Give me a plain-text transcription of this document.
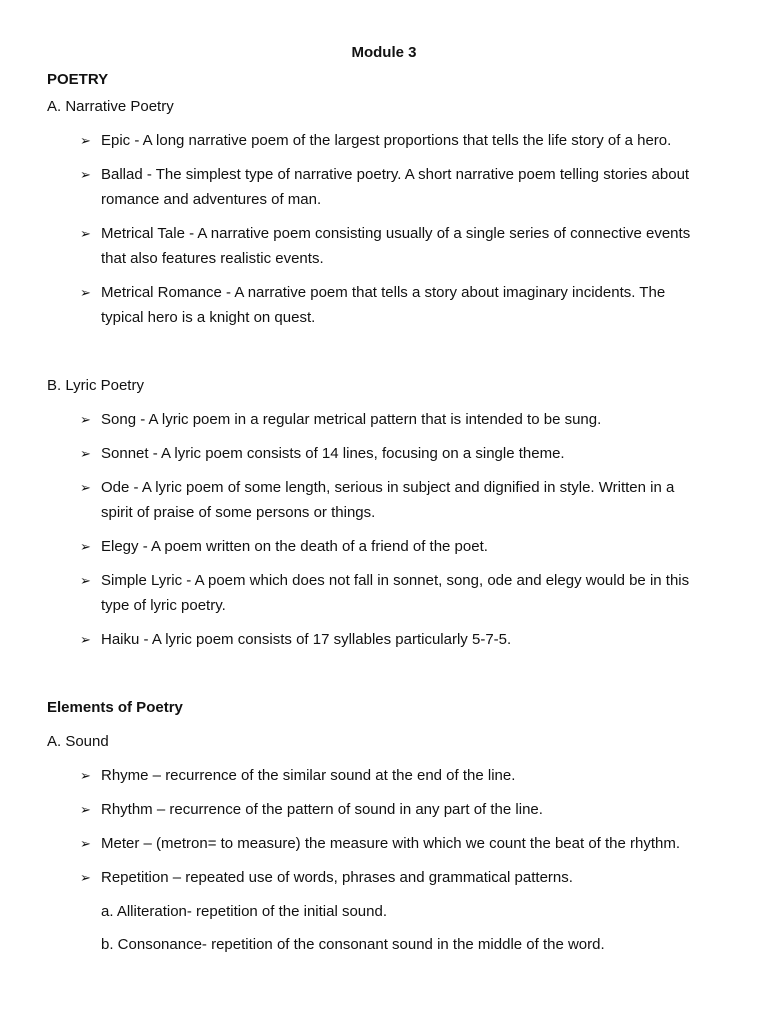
Module 3
POETRY
A. Narrative Poetry
➢ Epic - A long narrative poem of the largest proportions that tells the life story of a hero.
➢ Ballad - The simplest type of narrative poetry. A short narrative poem telling stories about
romance and adventures of man.
➢ Metrical Tale - A narrative poem consisting usually of a single series of connective events
that also features realistic events.
➢ Metrical Romance - A narrative poem that tells a story about imaginary incidents. The
typical hero is a knight on quest.
B. Lyric Poetry
➢ Song - A lyric poem in a regular metrical pattern that is intended to be sung.
➢ Sonnet - A lyric poem consists of 14 lines, focusing on a single theme.
➢ Ode - A lyric poem of some length, serious in subject and dignified in style. Written in a
spirit of praise of some persons or things.
➢ Elegy - A poem written on the death of a friend of the poet.
➢ Simple Lyric - A poem which does not fall in sonnet, song, ode and elegy would be in this
type of lyric poetry.
➢ Haiku - A lyric poem consists of 17 syllables particularly 5-7-5.
Elements of Poetry
A. Sound
➢ Rhyme – recurrence of the similar sound at the end of the line.
➢ Rhythm – recurrence of the pattern of sound in any part of the line.
➢ Meter – (metron= to measure) the measure with which we count the beat of the rhythm.
➢ Repetition – repeated use of words, phrases and grammatical patterns.
a. Alliteration- repetition of the initial sound.
b. Consonance- repetition of the consonant sound in the middle of the word.
